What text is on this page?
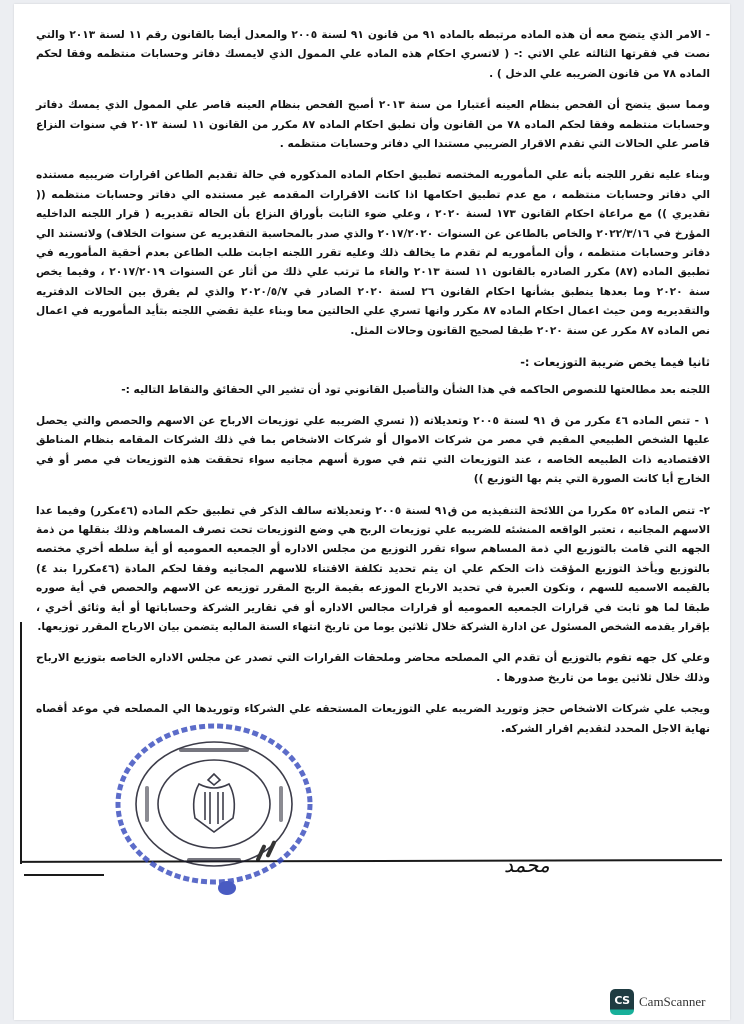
- الامر الذي يتضح معه أن هذه الماده مرتبطه بالماده ٩١ من قانون ٩١ لسنة ٢٠٠٥ والمعدل أيضا بالقانون رقم ١١ لسنة ٢٠١٣ والتي نصت في فقرتها الثالثه علي الاتي :- ( لاتسري احكام هذه الماده علي الممول الذي لايمسك دفاتر وحسابات منتظمه وفقا لحكم الماده ٧٨ من قانون الضريبه علي الدخل ) .

ومما سبق يتضح أن الفحص بنظام العينه أعتبارا من سنة ٢٠١٣ أصبح الفحص بنظام العينه قاصر علي الممول الذي يمسك دفاتر وحسابات منتظمه وفقا لحكم الماده ٧٨ من القانون وأن تطبق احكام الماده ٨٧ مكرر من القانون ١١ لسنة ٢٠١٣ في سنوات النزاع قاصر علي الحالات التي تقدم الاقرار الضريبي مستندا الي دفاتر وحسابات منتظمه .

وبناء عليه تقرر اللجنه بأنه علي المأموريه المختصه تطبيق احكام الماده المذكوره في حالة تقديم الطاعن اقرارات ضريبيه مستنده الي دفاتر وحسابات منتظمه ، مع عدم تطبيق احكامها اذا كانت الاقرارات المقدمه غير مستنده الي دفاتر وحسابات منتظمه (( تقديري )) مع مراعاة احكام القانون ١٧٣ لسنة ٢٠٢٠ ، وعلي ضوء الثابت بأوراق النزاع بأن الحاله تقديريه ( قرار اللجنه الداخليه المؤرخ في ٢٠٢٢/٣/١٦ والخاص بالطاعن عن السنوات ٢٠١٧/٢٠٢٠ والذي صدر بالمحاسبة التقديريه عن سنوات الخلاف) ولاتستند الي دفاتر وحسابات منتظمه ، وأن المأموريه لم تقدم ما يخالف ذلك وعليه تقرر اللجنه اجابت طلب الطاعن بعدم أحقية المأموريه في تطبيق الماده (٨٧) مكرر الصادره بالقانون ١١ لسنة ٢٠١٣ والغاء ما ترتب علي ذلك من أثار عن السنوات ٢٠١٧/٢٠١٩ ، وفيما يخص سنة ٢٠٢٠ وما بعدها ينطبق بشأنها احكام القانون ٢٦ لسنة ٢٠٢٠ الصادر في ٢٠٢٠/٥/٧ والذي لم يفرق بين الحالات الدفتريه والتقديريه ومن حيث اعمال احكام الماده ٨٧ مكرر وانها تسري علي الحالتين معا وبناء علية تقضي اللجنه بتأيد المأموريه في اعمال نص الماده ٨٧ مكرر عن سنة ٢٠٢٠ طبقا لصحيح القانون وحالات المثل.

ثانيا فيما يخص ضريبة التوزيعات :-

اللجنه بعد مطالعتها للنصوص الحاكمه في هذا الشأن والتأصيل القانوني تود أن تشير الي الحقائق والنقاط التاليه :-

١ - تنص الماده ٤٦ مكرر من ق ٩١ لسنة ٢٠٠٥ وتعديلاته (( تسري الضريبه علي توزيعات الارباح عن الاسهم والحصص والتي يحصل عليها الشخص الطبيعي المقيم في مصر من شركات الاموال أو شركات الاشخاص بما في ذلك الشركات المقامه بنظام المناطق الاقتصاديه ذات الطبيعه الخاصه ، عند التوزيعات التي تتم في صورة أسهم مجانيه سواء تحققت هذه التوزيعات في مصر أو في الخارج أيا كانت الصورة التي يتم بها التوزيع ))

٢- تنص الماده ٥٢ مكررا من اللائحة التنفيذيه من ق٩١ لسنة ٢٠٠٥ وتعديلاته سالف الذكر في تطبيق حكم الماده (٤٦مكرر) وفيما عدا الاسهم المجانيه ، تعتبر الواقعه المنشئه للضريبه علي توزيعات الربح هي وضع التوزيعات تحت تصرف المساهم وذلك بنقلها من ذمة الجهه التي قامت بالتوزيع الي ذمة المساهم سواء تقرر التوزيع من مجلس الاداره أو الجمعيه العموميه أو أية سلطه أخري مختصه بالتوزيع ويأخذ التوزيع المؤقت ذات الحكم علي ان يتم تحديد تكلفة الاقتناء للاسهم المجانيه وفقا لحكم المادة (٤٦مكررا بند ٤) بالقيمه الاسميه للسهم ، وتكون العبرة في تحديد الارباح الموزعه بقيمة الربح المقرر توزيعه عن الاسهم والحصص في أية صوره طبقا لما هو ثابت في قرارات الجمعيه العموميه أو قرارات مجالس الاداره أو في تقارير الشركة وحساباتها أو أية وثائق أخري ، بإقرار يقدمه الشخص المسئول عن ادارة الشركة خلال ثلاثين يوما من تاريخ انتهاء السنة الماليه يتضمن بيان الارباح المقرر توزيعها.

وعلي كل جهه تقوم بالتوزيع أن تقدم الي المصلحه محاضر وملحقات القرارات التي تصدر عن مجلس الاداره الخاصه بتوزيع الارباح وذلك خلال ثلاثين يوما من تاريخ صدورها .

ويجب علي شركات الاشخاص حجز وتوريد الضريبه علي التوزيعات المستحقه علي الشركاء وتوريدها الي المصلحه في موعد أقصاه نهاية الاجل المحدد لتقديم اقرار الشركه.

محمد
CS CamScanner
